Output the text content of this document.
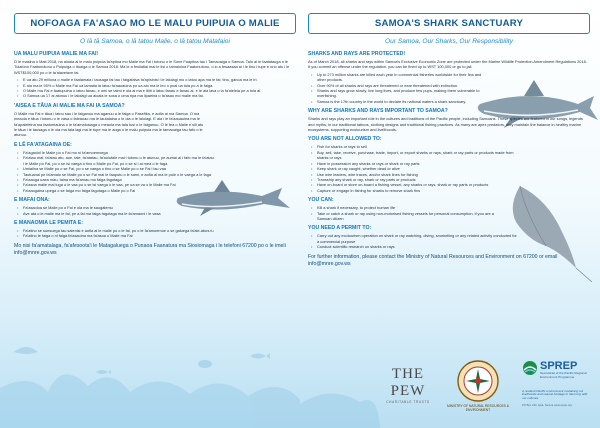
NOFOAGA FA'ASAO MO LE MALU PUIPUIA O MALIE
O lā tā Samoa, o lā tatou Malie, o lā tatou Matafaioi
UA MALU PUIPUIA MALIE MA FAI!
O le masina o Mati 2018, na aloaia ai le malu puipuia fa'apitoa mo Malie ma Fai i totonu o le Sone Faapitoa tau i Tamaoaiga o Samoa. Talu ai le faatatauga o le Tulafono Faatonutonu o Puipuiga o Ituaiga o le Samoa 2018. Ma le a fesilafiai mai le lisi o tamaloloa Faatonutonu, o lo a fesaasaa ai i le tino i tupe e ono atu i le WST$100,000 po o le fa'alavelave fai.
• E ua atu 29 miliona o malie e faatamaia i tausaga fai tau i faigafaiva fa'apisinisi i le lalolagi mo o latou apa ma le fai, tino, ganoa ma le iri.
• E ala ma le 90% o Malie ma Fai ua lamatia la latou fa'aauauina po ua alo ma le leo o puai ua tula po a le faiga.
• O Malie ma Fai e faatupuina o latou fanau, e umi se taimi e ola ai ma e itiiti o latou fanau e fanau ai, e le ala lava o la fa'aleleia pe a tula ai.
• O Samoa ua 17 ai atunuu i le lalolagi ua aloaia le sosa o uma ripa ma lipaeina o fa'asao mo malie ma fai.
'AISEA E TĀUA AI MALIE MA FAI IA SAMOA?
O Malie ma Fai e tāua i latou sao i le faiganuu ma aganuu a le faiga o Pasefika, e aofia ai ma Samoa. O ma meaola e tāua i totonu o le vasa o faleaoao ma le tautalaina o le ola o le lalolagi. E ala i le fa'aauauina ma le fa'apaleleina ma faatumauina o le fa'amalosiaga o meaola ma tala tusi o le faiganuu. O le fea o Malie e sili atu le tāua i le tausaga o le ola ma tala lagi ma le tupe ma le aoga o le malu puipuia ma le tamaoaiga tau fafo o le atunuu.
E LĒ FA'ATAGAINA OE:
• Fa'agaoioi le Malie po o Fai mo ni fa'amoemoega
• Fa'atau mai, fa'atau atu, aue, tale, fa'atatau, fa'aulufale mai i totonu o le atunuu, pe aumai ai i fafo ma le fa'atau i le Malie po Fai, po o se isi vaega o tino o Malie po Fai, po o se si i ai mea o le faga
• Umiaiina se Malie po o se Fai, po o se vaega o tino o se Malie po o se Fai i lau vaa
• Tautuanai pe fa'amalo se Malie po o se Fai mai le faaputu o le sami, e aofia ai ma le pule o le vaega a le faga
• Fa'aaoga uaea mau, taina ma fa'amau mo faiga fagotaga
• Fa'asoa malie mai luga o le vaa po o se isi vaega o le vaa, pe ua se va o le Malie ma Fai
• Fa'aaogaina upega o se faiga mo faiga fagotaga o Malie po o Fai
E MAFAI ONA:
• Fa'asaoloa se Malie po o Fai e ola ma le saogalemu
• Ave ata o le malie ma le fai, pe a fai ma faiga fagotaga ma le fa'amaoni i le vasa
E MANAOMIA LE PEMITA E:
• Fa'atino se suesuega tau saienisi e aofia ai le malie po o le fai, po o le fa'amoemoe o se galuega fa'ale-atunu'u
• Fa'atino le faiga o ni faiga fa'asaoina ma fa'asoa o Malie ma Fai
Mo nisi fa'amatalaga, fa'afesoota'i le Matagaluega o Punaoa Faanatura ma Siosiomaga i le telefoni 67200 po o le imeli info@mnre.gov.ws
SAMOA'S SHARK SANCTUARY
Our Samoa, Our Sharks, Our Responsibility
SHARKS AND RAYS ARE PROTECTED!
As of March 2018, all sharks and rays within Samoa's Exclusive Economic Zone are protected under the Marine Wildlife Protection Amendment Regulations 2018. If you commit an offense under the regulation, you can be fined up to WST 100,000 or go to jail.
• Up to 273 million sharks are killed each year in commercial fisheries worldwide for their fins and other products.
• Over 90% of all sharks and rays are threatened or near threatened with extinction.
• Sharks and rays grow slowly, live long lives, and produce few pups, making them vulnerable to overfishing.
• Samoa is the 17th country in the world to declare its national waters a shark sanctuary.
WHY ARE SHARKS AND RAYS IMPORTANT TO SAMOA?
Sharks and rays play an important role in the cultures and traditions of the Pacific people, including Samoans. These species are featured in our songs, legends and myths, in our traditional tattoos, clothing designs and traditional fishing practices. As many are apex predators, they maintain the balance in healthy marine ecosystems, supporting ecotourism and livelihoods.
YOU ARE NOT ALLOWED TO:
• Fish for sharks or rays to sell
• Buy, sell, take, receive, purchase, trade, import, or export sharks or rays, shark or ray parts or products made from sharks or rays
• Have in possession any sharks or rays or shark or ray parts
• Keep shark or ray caught, whether dead or alive
• Use wire leaders, wire traces, and/or shark lines for fishing
• Transship any shark or ray, shark or ray parts or products
• Have on-board or store on-board a fishing vessel, any sharks or rays, shark or ray parts or products
• Capture or engage in fishing for sharks to remove shark fins
YOU CAN:
• Kill a shark if necessary, to protect human life
• Take or catch a shark or ray using non-motorised fishing vessels for personal consumption, if you are a Samoan citizen
YOU NEED A PERMIT TO:
• Carry out any ecotourism operation on shark or ray watching, diving, snorkelling or any related activity conducted for a commercial purpose
• Conduct scientific research on sharks or rays
For further information, please contact the Ministry of Natural Resources and Environment on 67200 or email info@mnre.gov.ws
THE PEW
CHARITABLE TRUSTS
MINISTRY OF NATURAL RESOURCES & ENVIRONMENT
SPREP
Secretariat of the Pacific Regional Environment Programme
A resilient Pacific environment sustaining our livelihoods and natural heritage in harmony with our cultures.
PO Box 240, Apia, Samoa www.sprep.org
